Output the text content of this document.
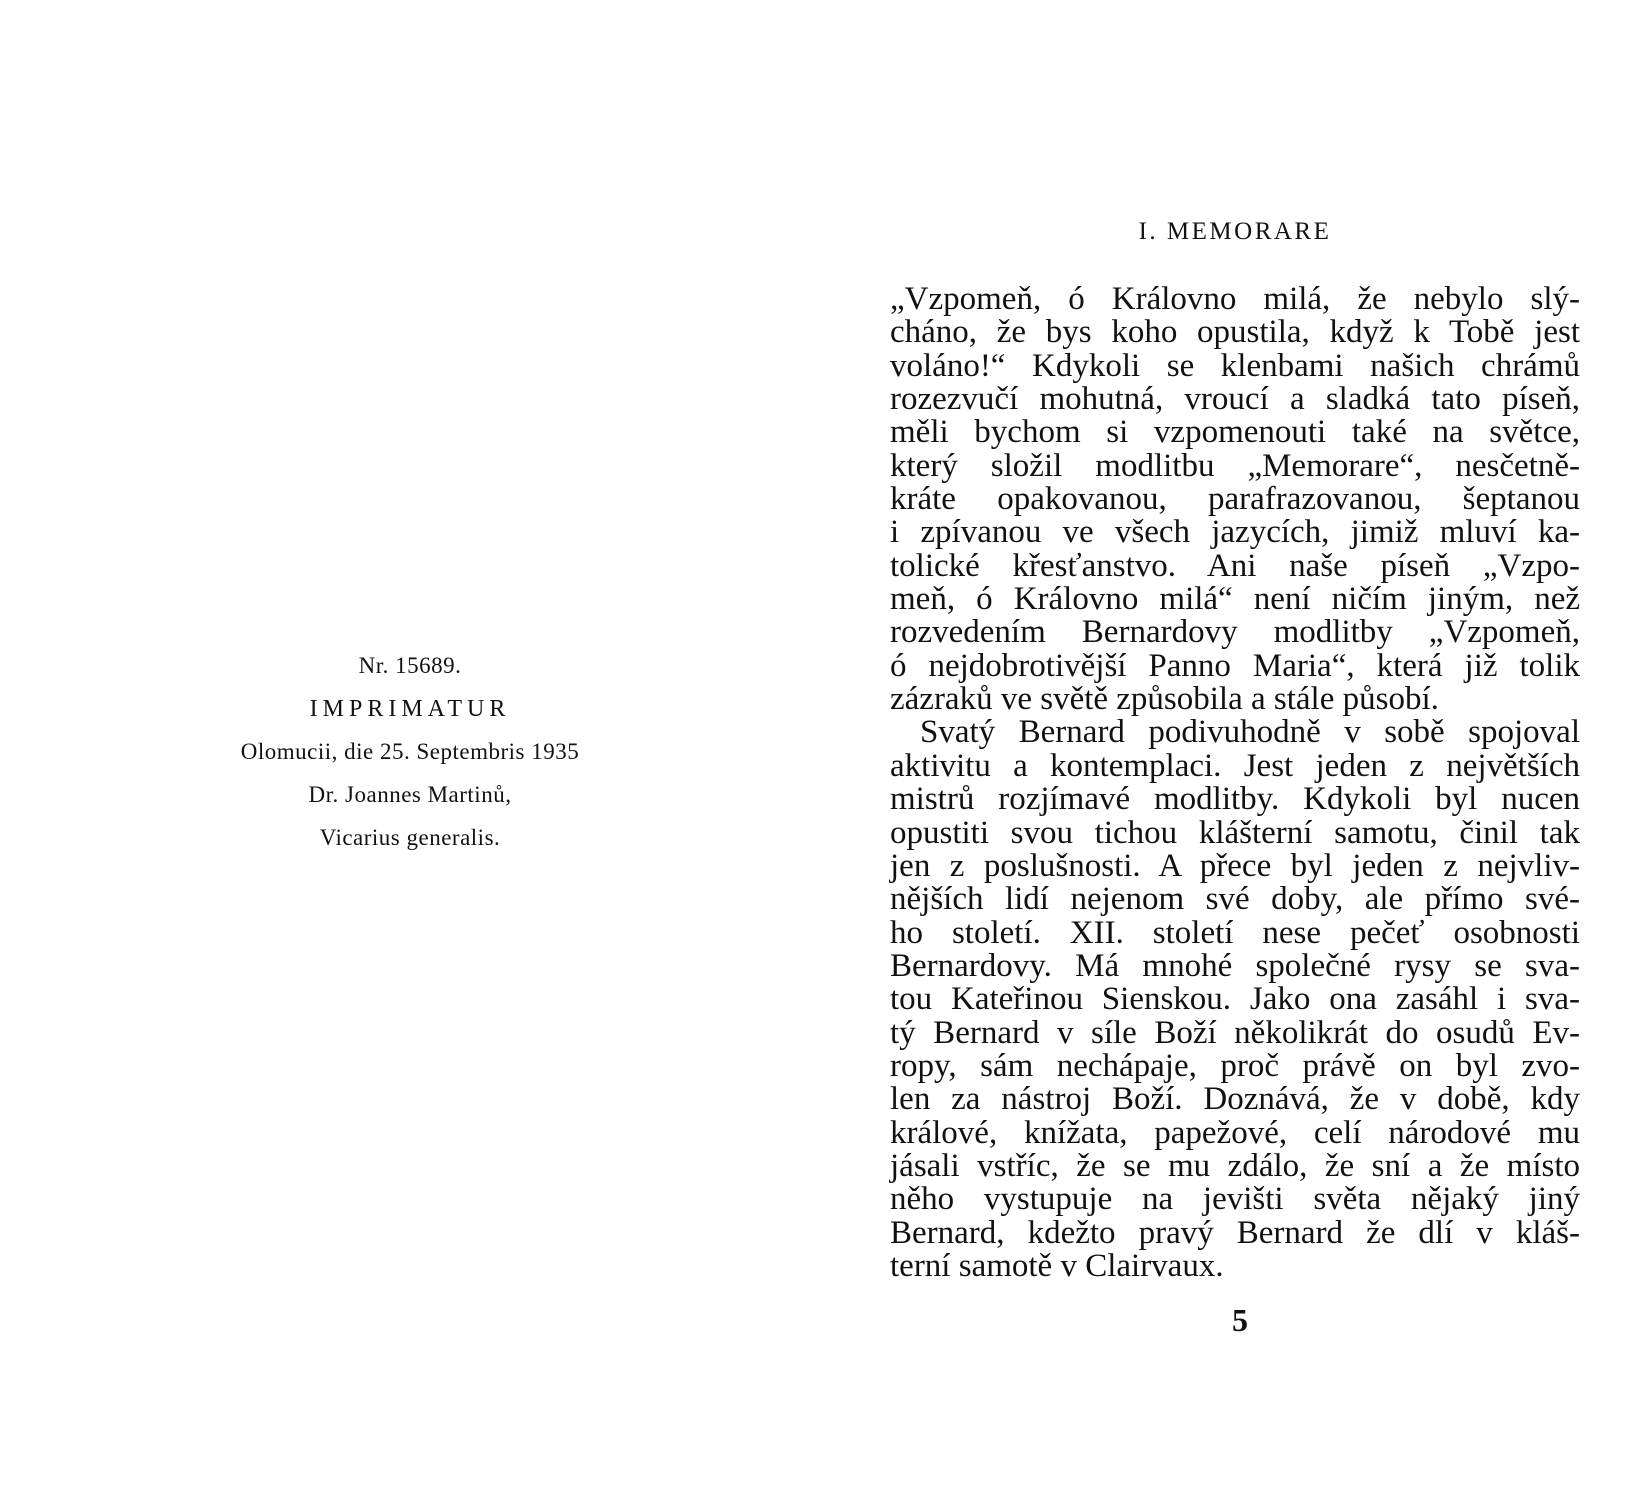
Nr. 15689.
IMPRIMATUR
Olomucii, die 25. Septembris 1935
Dr. Joannes Martinů,
Vicarius generalis.
I. MEMORARE
„Vzpomeň, ó Královno milá, že nebylo slý-
cháno, že bys koho opustila, když k Tobě jest
voláno!“ Kdykoli se klenbami našich chrámů
rozezvučí mohutná, vroucí a sladká tato píseň,
měli bychom si vzpomenouti také na světce,
který složil modlitbu „Memorare“, nesčetně-
kráte opakovanou, parafrazovanou, šeptanou
i zpívanou ve všech jazycích, jimiž mluví ka-
tolické křesťanstvo. Ani naše píseň „Vzpo-
meň, ó Královno milá“ není ničím jiným, než
rozvedením Bernardovy modlitby „Vzpomeň,
ó nejdobrotivější Panno Maria“, která již tolik
zázraků ve světě způsobila a stále působí.
Svatý Bernard podivuhodně v sobě spojoval
aktivitu a kontemplaci. Jest jeden z největších
mistrů rozjímavé modlitby. Kdykoli byl nucen
opustiti svou tichou klášterní samotu, činil tak
jen z poslušnosti. A přece byl jeden z nejvliv-
nějších lidí nejenom své doby, ale přímo své-
ho století. XII. století nese pečeť osobnosti
Bernardovy. Má mnohé společné rysy se sva-
tou Kateřinou Sienskou. Jako ona zasáhl i sva-
tý Bernard v síle Boží několikrát do osudů Ev-
ropy, sám nechápaje, proč právě on byl zvo-
len za nástroj Boží. Doznává, že v době, kdy
králové, knížata, papežové, celí národové mu
jásali vstříc, že se mu zdálo, že sní a že místo
něho vystupuje na jevišti světa nějaký jiný
Bernard, kdežto pravý Bernard že dlí v kláš-
terní samotě v Clairvaux.
5
